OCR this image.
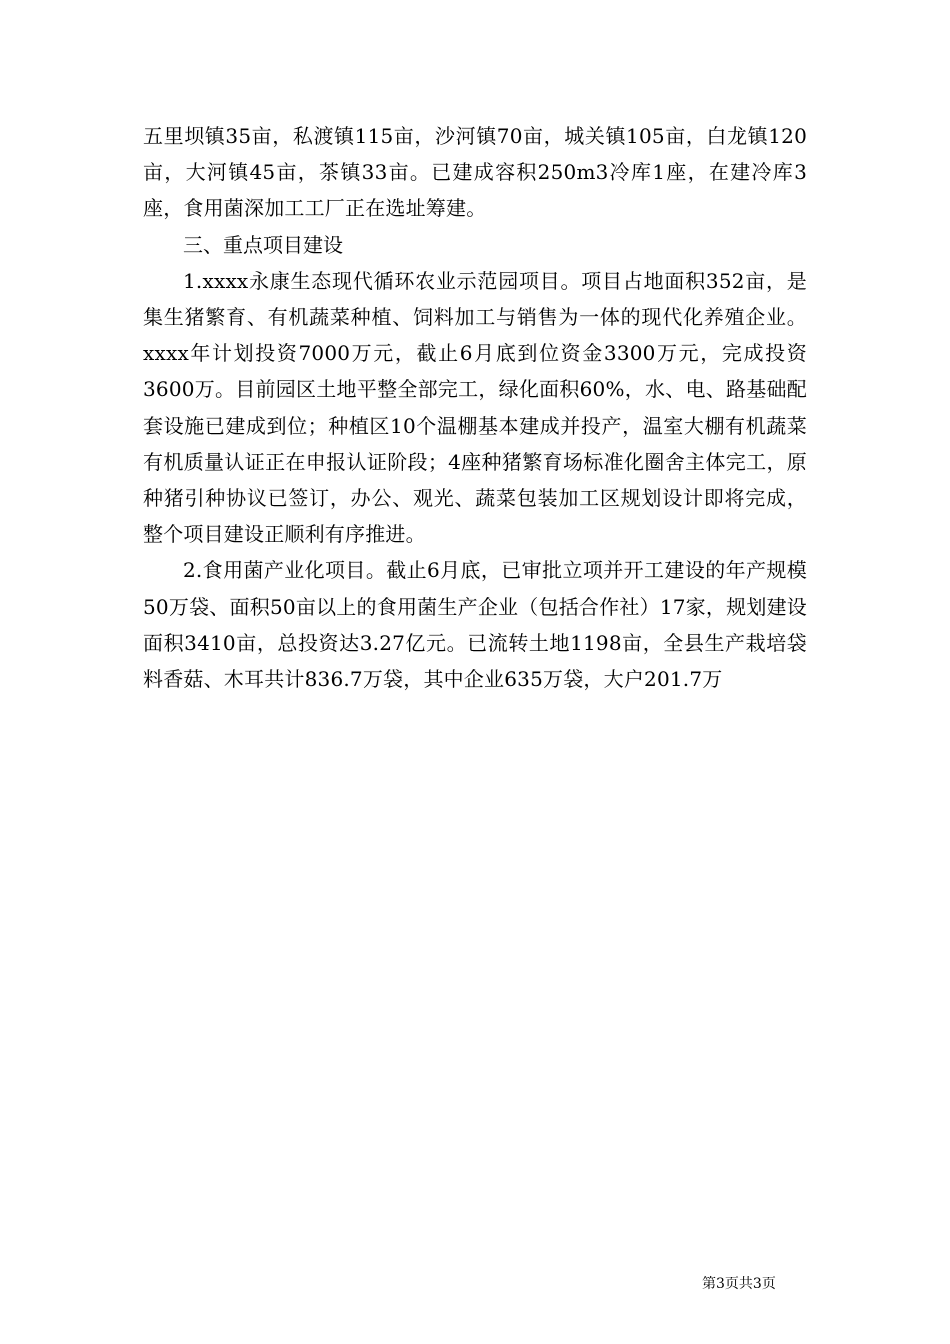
五里坝镇35亩，私渡镇115亩，沙河镇70亩，城关镇105亩，白龙镇120亩，大河镇45亩，茶镇33亩。已建成容积250m3冷库1座，在建冷库3座，食用菌深加工工厂正在选址筹建。

三、重点项目建设

1.xxxx永康生态现代循环农业示范园项目。项目占地面积352亩，是集生猪繁育、有机蔬菜种植、饲料加工与销售为一体的现代化养殖企业。xxxx年计划投资7000万元，截止6月底到位资金3300万元，完成投资3600万。目前园区土地平整全部完工，绿化面积60%，水、电、路基础配套设施已建成到位；种植区10个温棚基本建成并投产，温室大棚有机蔬菜有机质量认证正在申报认证阶段；4座种猪繁育场标准化圈舍主体完工，原种猪引种协议已签订，办公、观光、蔬菜包装加工区规划设计即将完成，整个项目建设正顺利有序推进。

2.食用菌产业化项目。截止6月底，已审批立项并开工建设的年产规模50万袋、面积50亩以上的食用菌生产企业（包括合作社）17家，规划建设面积3410亩，总投资达3.27亿元。已流转土地1198亩，全县生产栽培袋料香菇、木耳共计836.7万袋，其中企业635万袋，大户201.7万

第3页共3页
